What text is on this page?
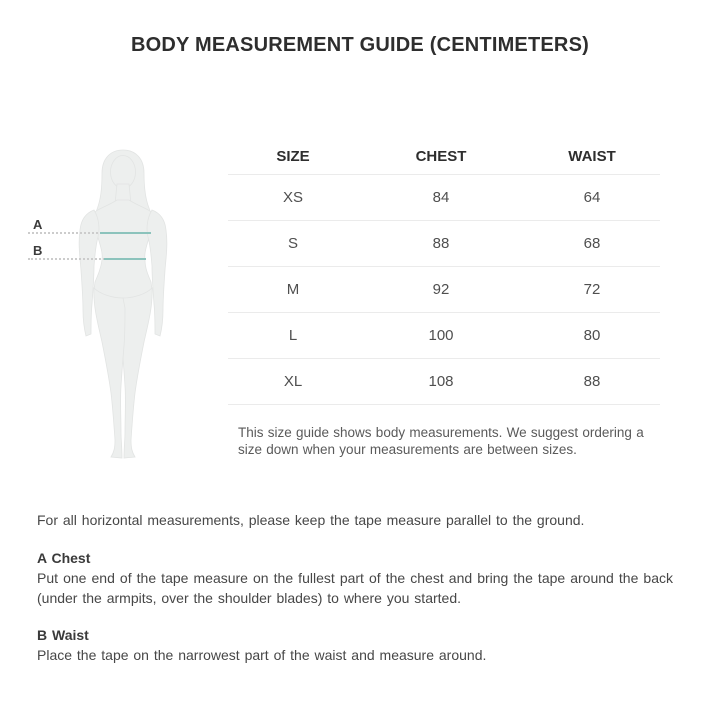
BODY MEASUREMENT GUIDE (CENTIMETERS)
A
B
SIZE	CHEST	WAIST
XS	84	64
S	88	68
M	92	72
L	100	80
XL	108	88

This size guide shows body measurements. We suggest ordering a size down when your measurements are between sizes.

For all horizontal measurements, please keep the tape measure parallel to the ground.

A Chest

Put one end of the tape measure on the fullest part of the chest and bring the tape around the back (under the armpits, over the shoulder blades) to where you started.

B Waist

Place the tape on the narrowest part of the waist and measure around.
